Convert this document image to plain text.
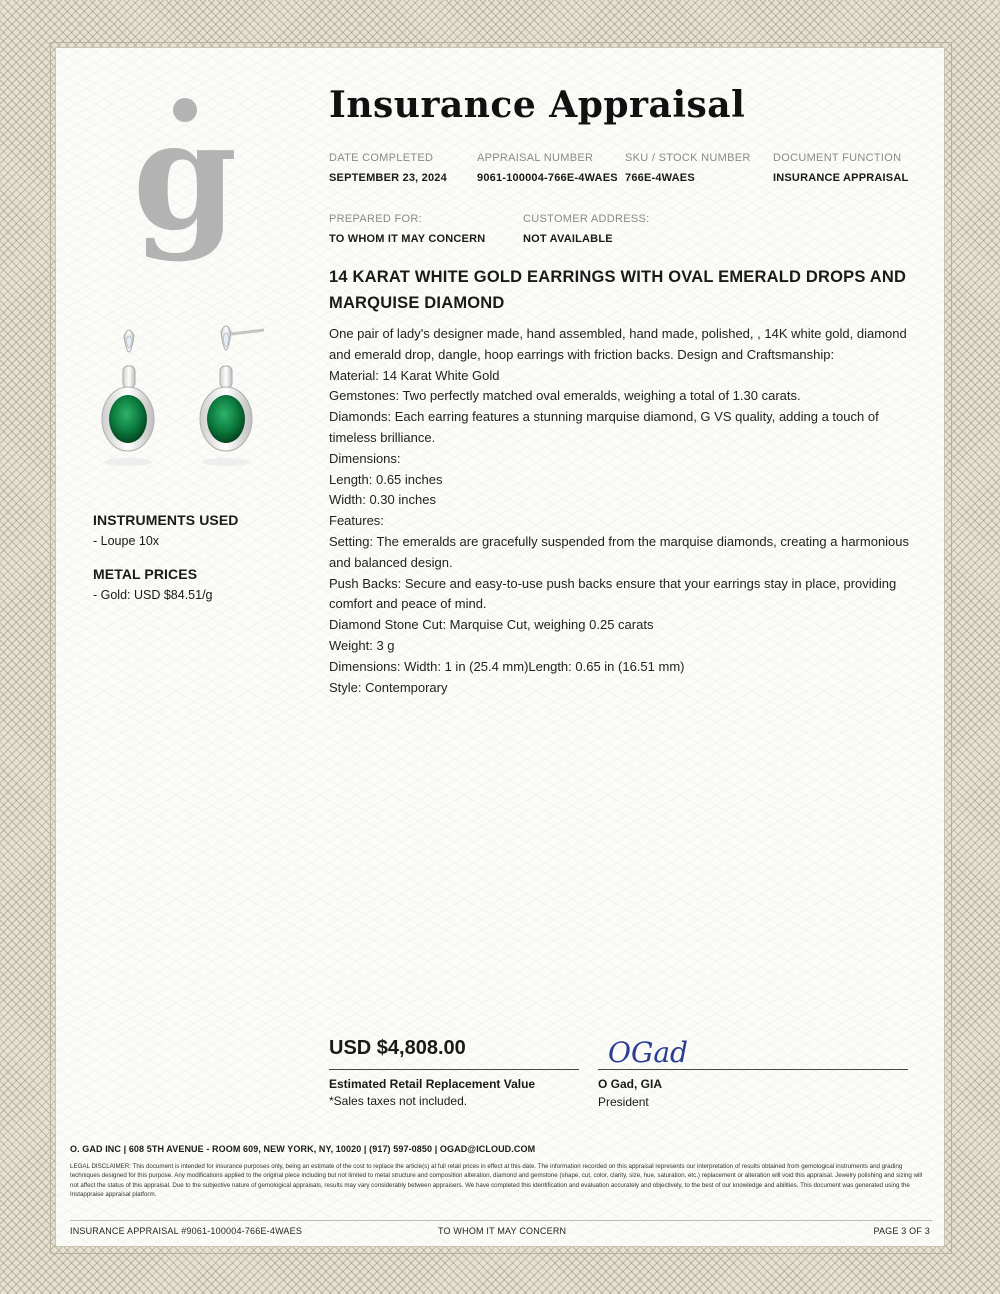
g
INSTRUMENTS USED
- Loupe 10x
METAL PRICES
- Gold: USD $84.51/g
Insurance Appraisal
DATE COMPLETED
SEPTEMBER 23, 2024
APPRAISAL NUMBER
9061-100004-766E-4WAES
SKU / STOCK NUMBER
766E-4WAES
DOCUMENT FUNCTION
INSURANCE APPRAISAL
PREPARED FOR:
TO WHOM IT MAY CONCERN
CUSTOMER ADDRESS:
NOT AVAILABLE
14 KARAT WHITE GOLD EARRINGS WITH OVAL EMERALD DROPS AND MARQUISE DIAMOND
One pair of lady's designer made, hand assembled, hand made, polished, , 14K white gold, diamond and emerald drop, dangle, hoop earrings with friction backs. Design and Craftsmanship:
Material: 14 Karat White Gold
Gemstones: Two perfectly matched oval emeralds, weighing a total of 1.30 carats.
Diamonds: Each earring features a stunning marquise diamond, G VS quality, adding a touch of timeless brilliance.
Dimensions:
Length: 0.65 inches
Width: 0.30 inches
Features:
Setting: The emeralds are gracefully suspended from the marquise diamonds, creating a harmonious and balanced design.
Push Backs: Secure and easy-to-use push backs ensure that your earrings stay in place, providing comfort and peace of mind.
Diamond Stone Cut: Marquise Cut, weighing 0.25 carats
Weight: 3 g
Dimensions: Width: 1 in (25.4 mm)Length: 0.65 in (16.51 mm)
Style: Contemporary
USD $4,808.00
Estimated Retail Replacement Value
*Sales taxes not included.
OGad
O Gad, GIA
President
O. GAD INC | 608 5TH AVENUE - ROOM 609, NEW YORK, NY, 10020 | (917) 597-0850 | OGAD@ICLOUD.COM
LEGAL DISCLAIMER: This document is intended for insurance purposes only, being an estimate of the cost to replace the article(s) at full retail prices in effect at this date. The information recorded on this appraisal represents our interpretation of results obtained from gemological instruments and grading techniques designed for this purpose. Any modifications applied to the original piece including but not limited to metal structure and composition alteration, diamond and gemstone (shape, cut, color, clarity, size, hue, saturation, etc.) replacement or alteration will void this appraisal. Jewelry polishing and sizing will not affect the status of this appraisal. Due to the subjective nature of gemological appraisals, results may vary considerably between appraisers. We have completed this identification and evaluation accurately and objectively, to the best of our knowledge and abilities. This document was generated using the Instappraise appraisal platform.
INSURANCE APPRAISAL #9061-100004-766E-4WAES	TO WHOM IT MAY CONCERN	PAGE 3 OF 3
